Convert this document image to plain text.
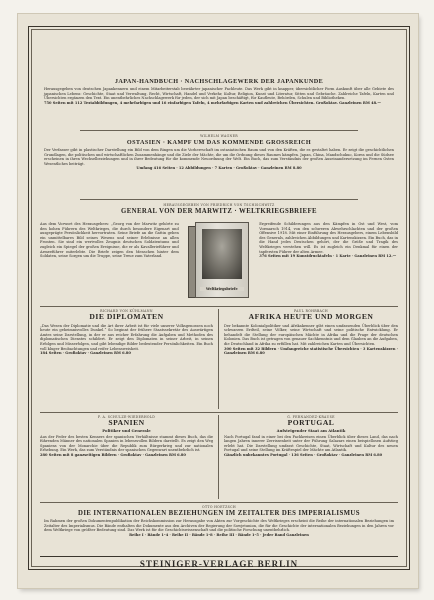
JAPAN-HANDBUCH · NACHSCHLAGEWERK DER JAPANKUNDE

Herausgegeben von deutschen Japankennern und einem Mitarbeiterstab bewährter japanischer Fachleute. Das Werk gibt in knapper, übersichtlicher Form Auskunft über alle Gebiete des japanischen Lebens: Geschichte, Staat und Verwaltung, Recht, Wirtschaft, Handel und Verkehr, Kultur, Religion, Kunst und Literatur, Sitten und Gebräuche. Zahlreiche Tafeln, Karten und Übersichten ergänzen den Text. Ein unentbehrliches Nachschlagewerk für jeden, der sich mit Japan beschäftigt, für Kaufleute, Behörden, Schulen und Bibliotheken.
750 Seiten mit 112 Textabbildungen, 4 mehrfarbigen und 16 einfarbigen Tafeln, 4 mehrfarbigen Karten und zahlreichen Übersichten. Großoktav. Ganzleinen RM 48.—

WILHELM WAGNER

OSTASIEN · KAMPF UM DAS KOMMENDE GROSSREICH

Der Verfasser gibt in plastischer Darstellung ein Bild von dem Ringen um die Vorherrschaft im ostasiatischen Raum und von den Kräften, die es gestaltet haben. Er zeigt die geschichtlichen Grundlagen, die politischen und wirtschaftlichen Zusammenhänge und die Ziele der Mächte, die um die Ordnung dieses Raumes kämpfen. Japan, China, Mandschukuo, Korea und die Südsee erscheinen in ihren Wechselbeziehungen und in ihrer Bedeutung für die kommende Neuordnung der Welt. Ein Buch, das zum Verständnis der großen Auseinandersetzung im Fernen Osten Wesentliches beiträgt.
Umfang 416 Seiten · 12 Abbildungen · 7 Karten · Großoktav · Ganzleinen RM 8.80

HERAUSGEGEBEN VON FRIEDRICH VON TSCHISCHWITZ

GENERAL VON DER MARWITZ · WELTKRIEGSBRIEFE

Aus dem Vorwort des Herausgebers: „Georg von der Marwitz gehörte zu den hohen Führern des Weltkrieges, die durch besondere Eigenart und ausgeprägte Persönlichkeit hervortraten. Seine Briefe an die Gattin geben ein unmittelbares Bild seines Wesens und seiner Erlebnisse an allen Fronten. Sie sind ein wertvolles Zeugnis deutschen Soldatentums und zugleich ein Spiegel der großen Ereignisse, die er als Kavallerieführer und Armeeführer miterlebte. Die Briefe zeigen den Menschen hinter dem Soldaten, seine Sorgen um die Truppe, seine Treue zum Vaterland.
Weltkriegsbriefe
Ergreifende Schilderungen aus den Kämpfen in Ost und West, vom Vormarsch 1914, von den schweren Abwehrschlachten und der großen Offensive 1918. Mit einer Einführung des Herausgebers, einem Lebensbild des Generals, zahlreichen Abbildungen und Kartenskizzen. Ein Buch, das in die Hand jedes Deutschen gehört, der die Größe und Tragik des Weltkrieges verstehen will. Es ist zugleich ein Denkmal für einen der tapfersten Führer der alten Armee.
376 Seiten mit 19 Kunstdrucktafeln · 1 Karte · Ganzleinen RM 12.—

RICHARD VON KÜHLMANN

DIE DIPLOMATEN

„Das Wesen der Diplomatie und die Art ihrer Arbeit ist für viele unserer Volksgenossen noch heute ein geheimnisvolles Dunkel.“ So beginnt der frühere Staatssekretär des Auswärtigen Amtes seine Darstellung, in der er aus reicher Erfahrung die Aufgaben und Methoden des diplomatischen Dienstes schildert. Er zeigt den Diplomaten in seiner Arbeit, in seinen Erfolgen und Misserfolgen, und gibt lebendige Bilder bedeutender Persönlichkeiten. Ein Buch voll kluger Beobachtungen und reifer Lebensweisheit.
184 Seiten · Großoktav · Ganzleinen RM 6.80

PAUL ROHRBACH

AFRIKA HEUTE UND MORGEN

Der bekannte Kolonialpolitiker und Afrikakenner gibt einen umfassenden Überblick über den schwarzen Erdteil, seine Völker, seine Wirtschaft und seine politische Entwicklung. Er behandelt die Stellung der europäischen Mächte in Afrika und die Frage der deutschen Kolonien. Das Buch ist getragen von genauer Sachkenntnis und dem Glauben an die Aufgaben, die Deutschland in Afrika zu erfüllen hat. Mit zahlreichen Karten und Übersichten.
300 Seiten mit 32 Bildern · Umfangreiche statistische Übersichten · 3 Kartenskizzen · Ganzleinen RM 6.80

F. A. SCHULZE-WIEDERHOLD

SPANIEN

Politiker und Generale

Aus der Feder des besten Kenners der spanischen Verhältnisse stammt dieses Buch, das die führenden Männer des nationalen Spanien in lebensvollen Bildern darstellt. Es zeigt den Weg Spaniens von der Monarchie über die Republik zum Bürgerkrieg und zur nationalen Erhebung. Ein Werk, das zum Verständnis der spanischen Gegenwart unentbehrlich ist.
280 Seiten mit 8 ganzseitigen Bildern · Großoktav · Ganzleinen RM 6.80

G. FERNANDEZ-KRAUSE

PORTUGAL

Aufsteigender Staat am Atlantik

Nach Portugal fand in einer bei den Fachkreisen einen Überblick über dieses Land, das nach langen Jahren innerer Zerrissenheit unter der Führung Salazars einen beispiellosen Aufstieg erlebt hat. Die Darstellung umfasst Geschichte, Staat, Wirtschaft und Kultur des neuen Portugal und seine Stellung im Kräftespiel der Mächte am Atlantik.
Gänzlich unbekanntes Portugal · 136 Seiten · Großoktav · Ganzleinen RM 6.80

OTTO HOETZSCH

DIE INTERNATIONALEN BEZIEHUNGEN IM ZEITALTER DES IMPERIALISMUS

Im Rahmen der großen Dokumentenpublikation der Reichskommission zur Herausgabe von Akten zur Vorgeschichte des Weltkrieges erscheint die Reihe der internationalen Beziehungen im Zeitalter des Imperialismus. Die Bände enthalten die Dokumente aus den Archiven der Regierung der Sowjetunion, die für die Geschichte der internationalen Beziehungen in den Jahren vor dem Weltkriege von größter Bedeutung sind. Das Werk ist für die Geschichtswissenschaft und die politische Forschung unentbehrlich.
Reihe I · Bände 1–4 · Reihe II · Bände 1–8 · Reihe III · Bände 1–5 · Jeder Band Ganzleinen

STEINIGER-VERLAGE BERLIN
